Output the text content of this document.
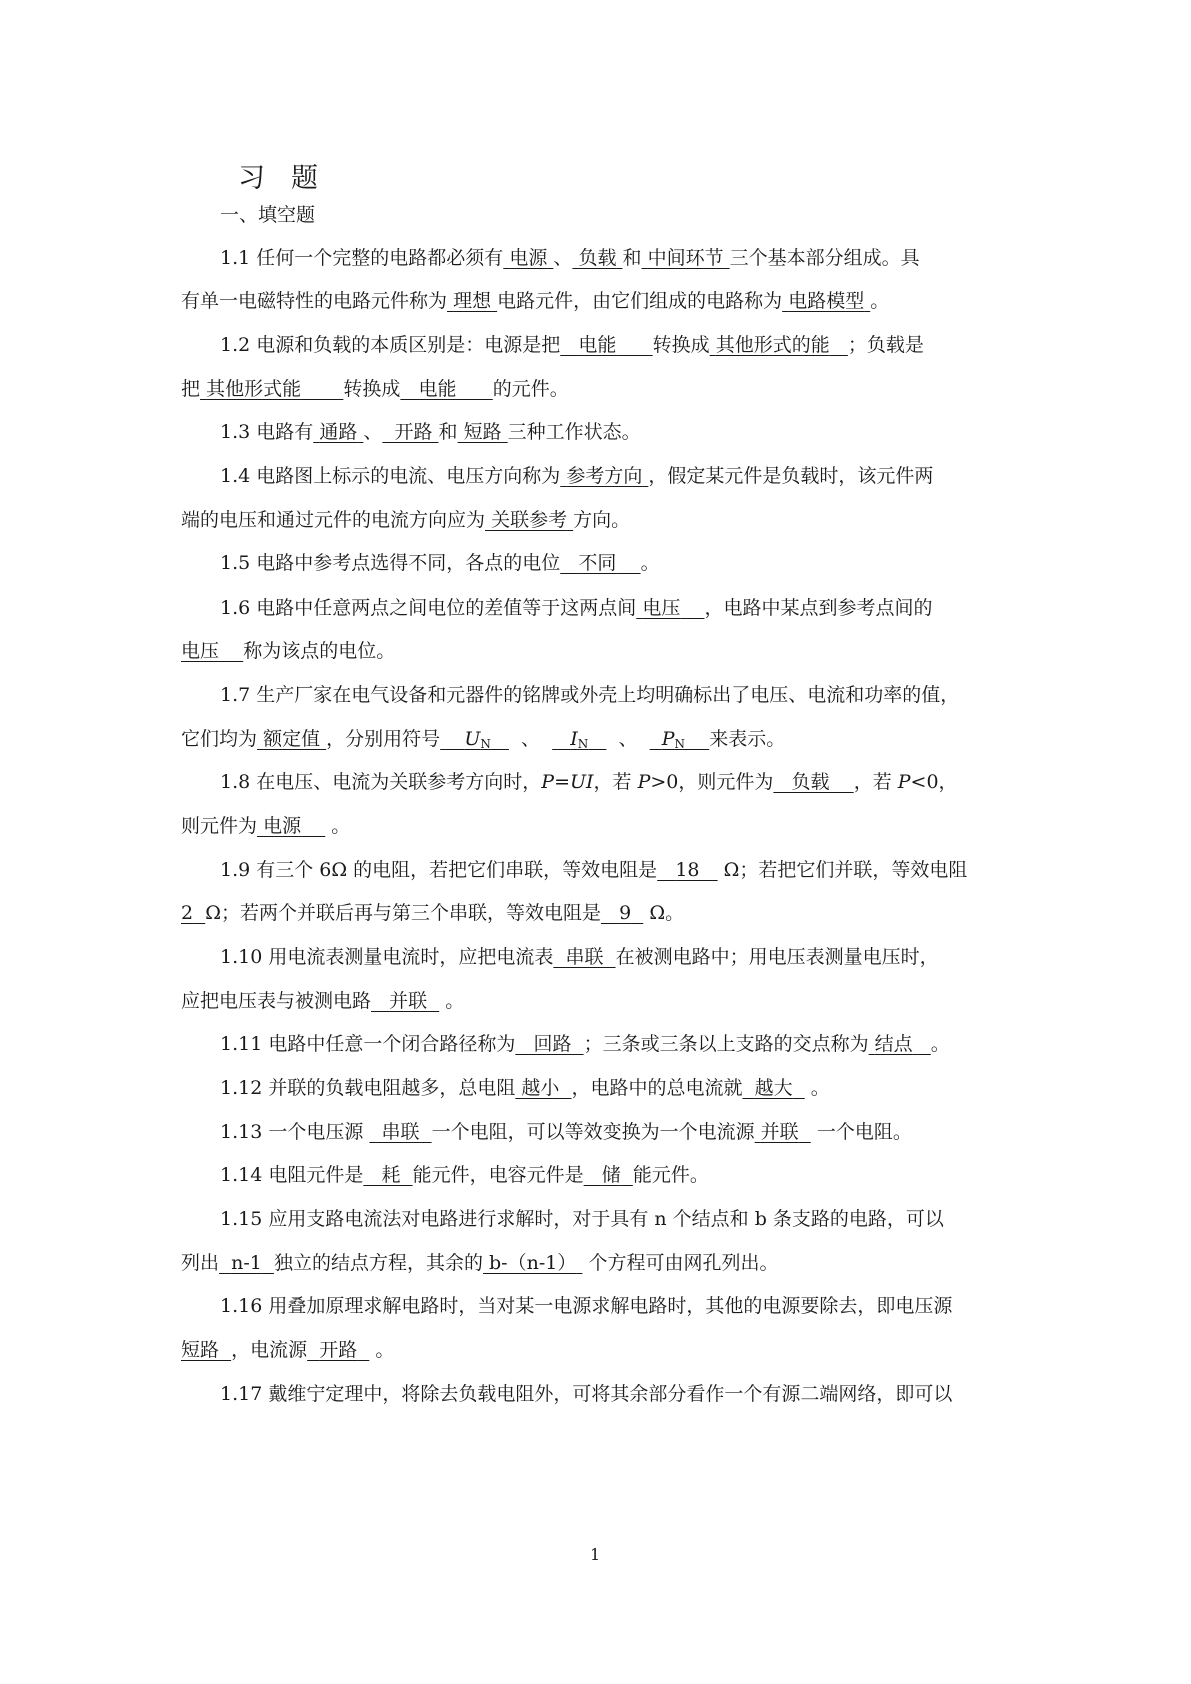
习 题
一、填空题
1.1 任何一个完整的电路都必须有 电源 、 负载 和 中间环节 三个基本部分组成。具
有单一电磁特性的电路元件称为 理想 电路元件，由它们组成的电路称为 电路模型 。
1.2 电源和负载的本质区别是：电源是把 电能 转换成 其他形式的能 ；负载是
把 其他形式能 转换成 电能 的元件。
1.3 电路有 通路 、 开路 和 短路 三种工作状态。
1.4 电路图上标示的电流、电压方向称为 参考方向 ，假定某元件是负载时，该元件两
端的电压和通过元件的电流方向应为 关联参考 方向。
1.5 电路中参考点选得不同，各点的电位 不同 。
1.6 电路中任意两点之间电位的差值等于这两点间 电压 ，电路中某点到参考点间的
电压 称为该点的电位。
1.7 生产厂家在电气设备和元器件的铭牌或外壳上均明确标出了电压、电流和功率的值，
它们均为 额定值 ，分别用符号 $U_N$ 、 $I_N$ 、 $P_N$ 来表示。
1.8 在电压、电流为关联参考方向时，P=UI，若 P>0，则元件为 负载 ，若 P<0，
则元件为 电源 。
1.9 有三个 6Ω 的电阻，若把它们串联，等效电阻是 18 Ω；若把它们并联，等效电阻
2 Ω；若两个并联后再与第三个串联，等效电阻是 9 Ω。
1.10 用电流表测量电流时，应把电流表 串联 在被测电路中；用电压表测量电压时，
应把电压表与被测电路 并联 。
1.11 电路中任意一个闭合路径称为 回路 ；三条或三条以上支路的交点称为 结点 。
1.12 并联的负载电阻越多，总电阻 越小 ，电路中的总电流就 越大 。
1.13 一个电压源 串联 一个电阻，可以等效变换为一个电流源 并联 一个电阻。
1.14 电阻元件是 耗 能元件，电容元件是 储 能元件。
1.15 应用支路电流法对电路进行求解时，对于具有 n 个结点和 b 条支路的电路，可以
列出 n-1 独立的结点方程，其余的 b-（n-1） 个方程可由网孔列出。
1.16 用叠加原理求解电路时，当对某一电源求解电路时，其他的电源要除去，即电压源
短路 ，电流源 开路 。
1.17 戴维宁定理中，将除去负载电阻外，可将其余部分看作一个有源二端网络，即可以
1
